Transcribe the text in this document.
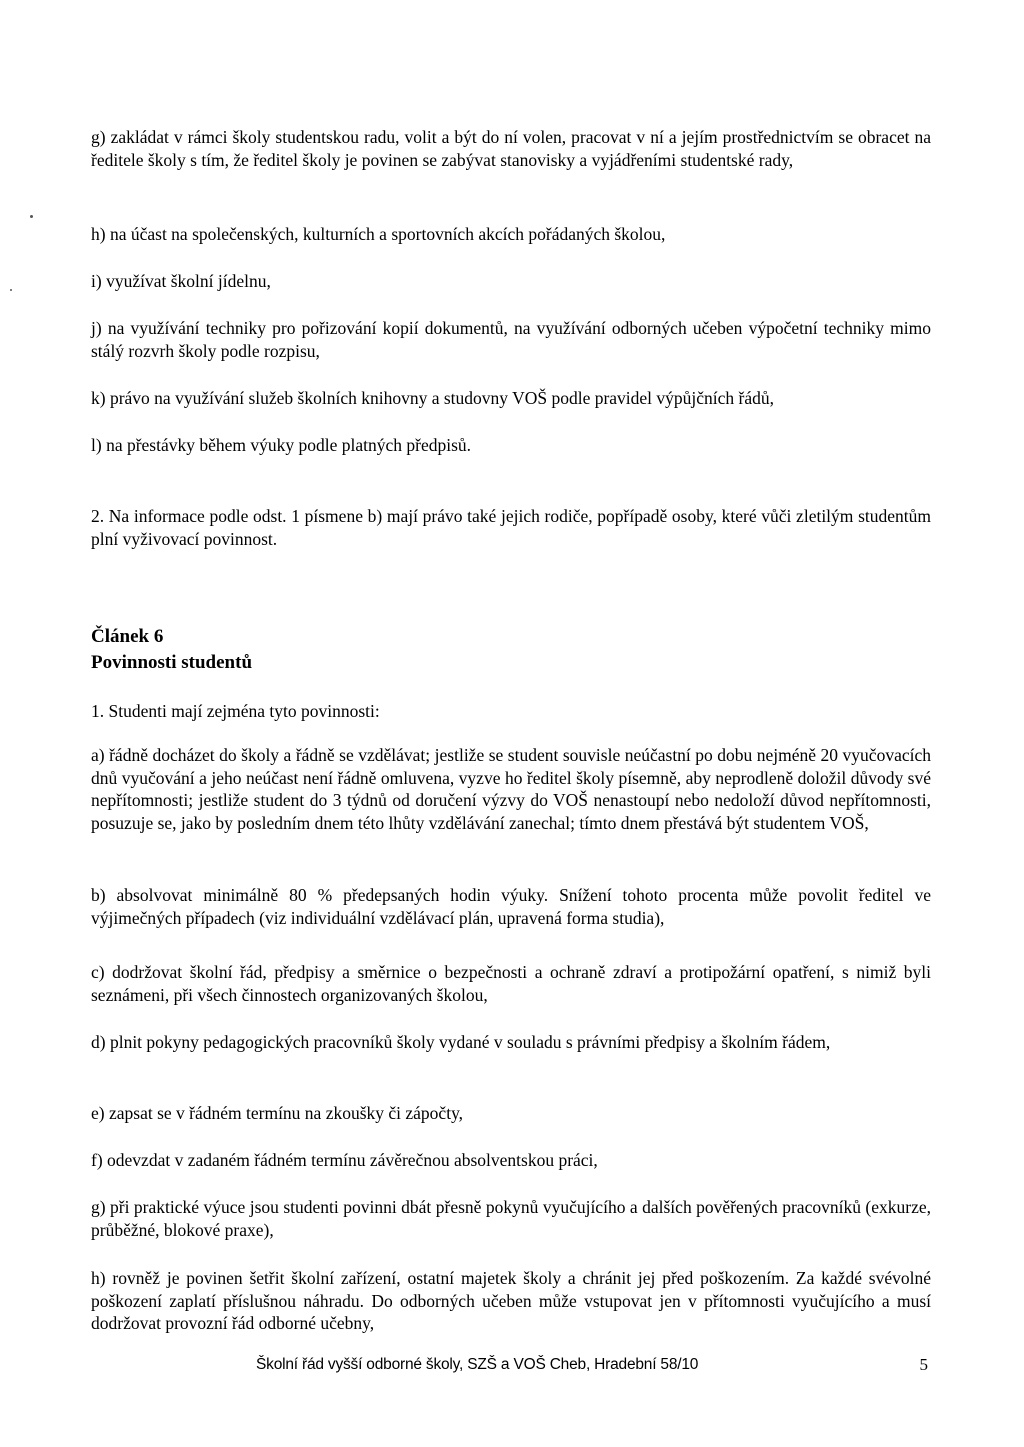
g) zakládat v rámci školy studentskou radu, volit a být do ní volen, pracovat v ní a jejím prostřednictvím se obracet na ředitele školy s tím, že ředitel školy je povinen se zabývat stanovisky a vyjádřeními studentské rady,
h) na účast na společenských, kulturních a sportovních akcích pořádaných školou,
i) využívat školní jídelnu,
j) na využívání techniky pro pořizování kopií dokumentů, na využívání odborných učeben výpočetní techniky mimo stálý rozvrh školy podle rozpisu,
k) právo na využívání služeb školních knihovny a studovny VOŠ podle pravidel výpůjčních řádů,
l) na přestávky během výuky podle platných předpisů.
2. Na informace podle odst. 1 písmene b) mají právo také jejich rodiče, popřípadě osoby, které vůči zletilým studentům plní vyživovací povinnost.
Článek 6
Povinnosti studentů
1. Studenti mají zejména tyto povinnosti:
a) řádně docházet do školy a řádně se vzdělávat; jestliže se student souvisle neúčastní po dobu nejméně 20 vyučovacích dnů vyučování a jeho neúčast není řádně omluvena, vyzve ho ředitel školy písemně, aby neprodleně doložil důvody své nepřítomnosti; jestliže student do 3 týdnů od doručení výzvy do VOŠ nenastoupí nebo nedoloží důvod nepřítomnosti, posuzuje se, jako by posledním dnem této lhůty vzdělávání zanechal; tímto dnem přestává být studentem VOŠ,
b) absolvovat minimálně 80 % předepsaných hodin výuky. Snížení tohoto procenta může povolit ředitel ve výjimečných případech (viz individuální vzdělávací plán, upravená forma studia),
c) dodržovat školní řád, předpisy a směrnice o bezpečnosti a ochraně zdraví a protipožární opatření, s nimiž byli seznámeni, při všech činnostech organizovaných školou,
d) plnit pokyny pedagogických pracovníků školy vydané v souladu s právními předpisy a školním řádem,
e) zapsat se v řádném termínu na zkoušky či zápočty,
f) odevzdat v zadaném řádném termínu závěrečnou absolventskou práci,
g) při praktické výuce jsou studenti povinni dbát přesně pokynů vyučujícího a dalších pověřených pracovníků (exkurze, průběžné, blokové praxe),
h) rovněž je povinen šetřit školní zařízení, ostatní majetek školy a chránit jej před poškozením. Za každé svévolné poškození zaplatí příslušnou náhradu. Do odborných učeben může vstupovat jen v přítomnosti vyučujícího a musí dodržovat provozní řád odborné učebny,
Školní řád vyšší odborné školy, SZŠ a VOŠ Cheb, Hradební 58/10	5
